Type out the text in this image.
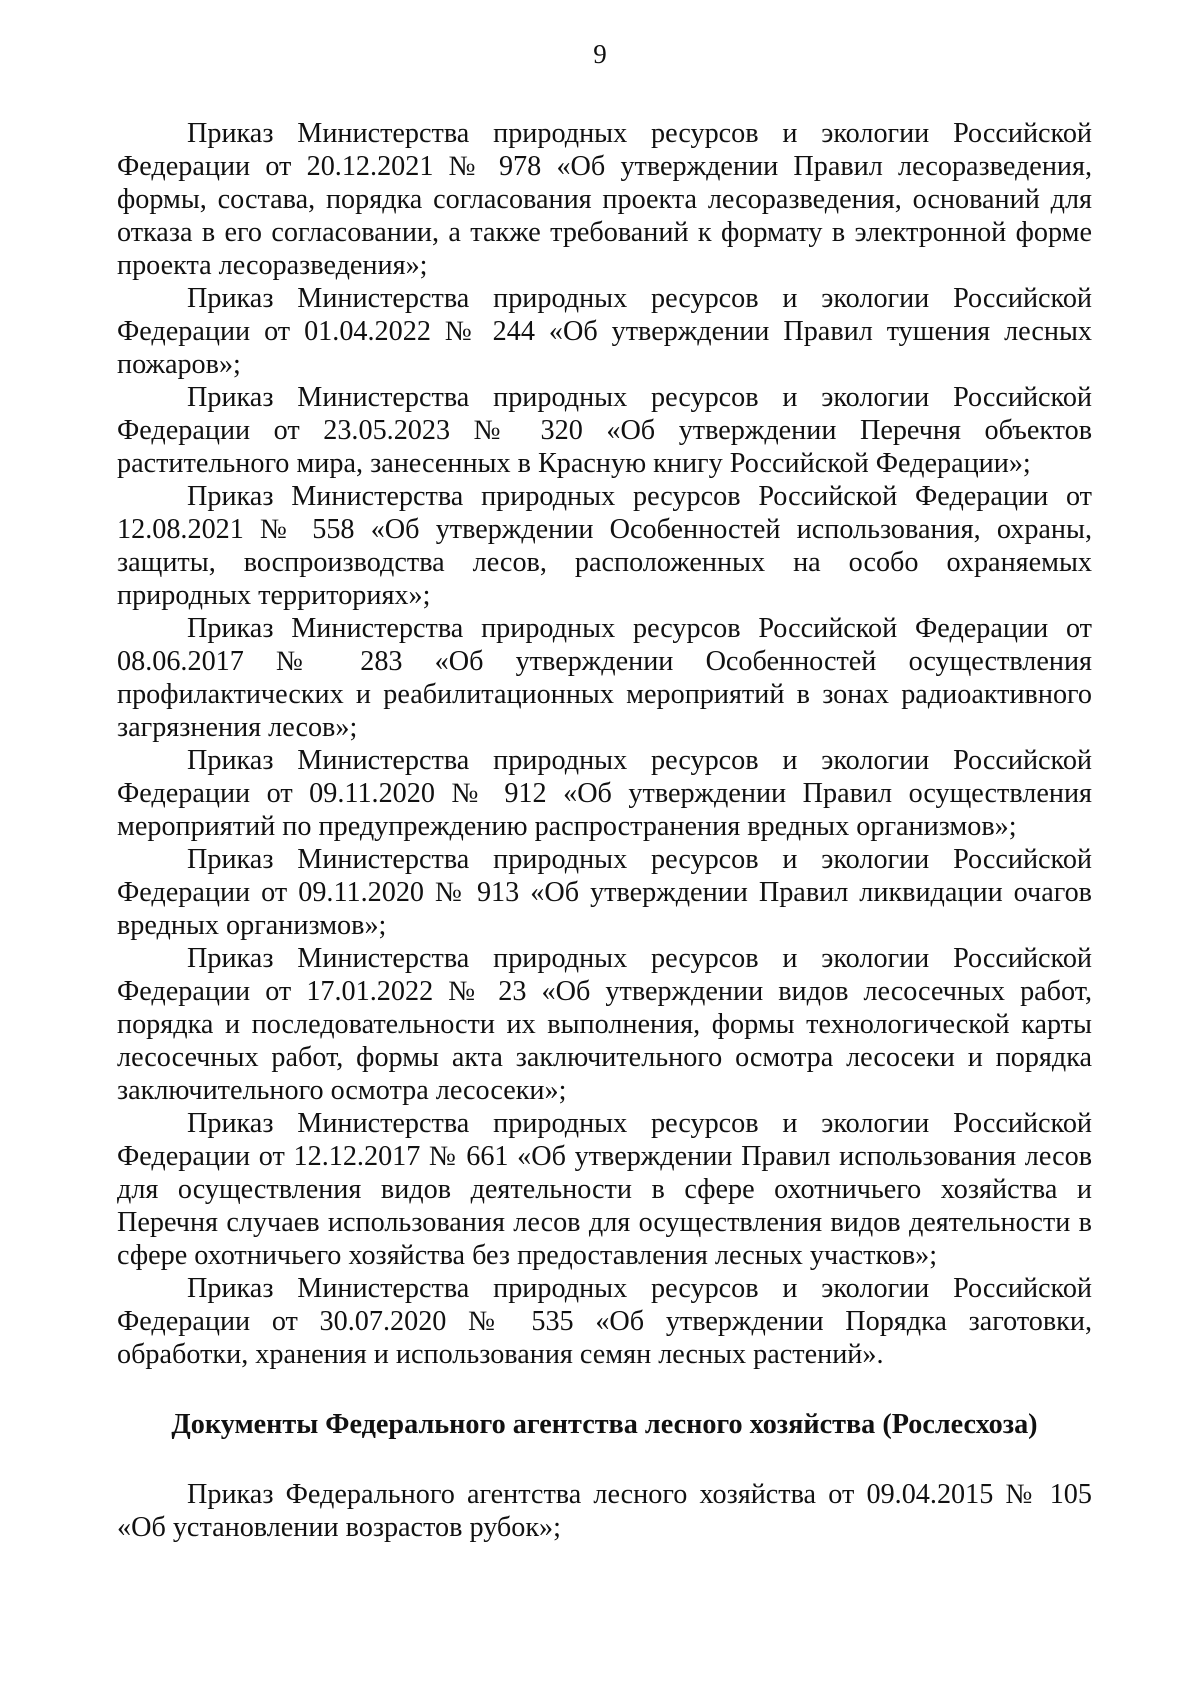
9

Приказ Министерства природных ресурсов и экологии Российской Федерации от 20.12.2021 № 978 «Об утверждении Правил лесоразведения, формы, состава, порядка согласования проекта лесоразведения, оснований для отказа в его согласовании, а также требований к формату в электронной форме проекта лесоразведения»;

Приказ Министерства природных ресурсов и экологии Российской Федерации от 01.04.2022 № 244 «Об утверждении Правил тушения лесных пожаров»;

Приказ Министерства природных ресурсов и экологии Российской Федерации от 23.05.2023 № 320 «Об утверждении Перечня объектов растительного мира, занесенных в Красную книгу Российской Федерации»;

Приказ Министерства природных ресурсов Российской Федерации от 12.08.2021 № 558 «Об утверждении Особенностей использования, охраны, защиты, воспроизводства лесов, расположенных на особо охраняемых природных территориях»;

Приказ Министерства природных ресурсов Российской Федерации от 08.06.2017 № 283 «Об утверждении Особенностей осуществления профилактических и реабилитационных мероприятий в зонах радиоактивного загрязнения лесов»;

Приказ Министерства природных ресурсов и экологии Российской Федерации от 09.11.2020 № 912 «Об утверждении Правил осуществления мероприятий по предупреждению распространения вредных организмов»;

Приказ Министерства природных ресурсов и экологии Российской Федерации от 09.11.2020 № 913 «Об утверждении Правил ликвидации очагов вредных организмов»;

Приказ Министерства природных ресурсов и экологии Российской Федерации от 17.01.2022 № 23 «Об утверждении видов лесосечных работ, порядка и последовательности их выполнения, формы технологической карты лесосечных работ, формы акта заключительного осмотра лесосеки и порядка заключительного осмотра лесосеки»;

Приказ Министерства природных ресурсов и экологии Российской Федерации от 12.12.2017 № 661 «Об утверждении Правил использования лесов для осуществления видов деятельности в сфере охотничьего хозяйства и Перечня случаев использования лесов для осуществления видов деятельности в сфере охотничьего хозяйства без предоставления лесных участков»;

Приказ Министерства природных ресурсов и экологии Российской Федерации от 30.07.2020 № 535 «Об утверждении Порядка заготовки, обработки, хранения и использования семян лесных растений».

Документы Федерального агентства лесного хозяйства (Рослесхоза)

Приказ Федерального агентства лесного хозяйства от 09.04.2015 № 105 «Об установлении возрастов рубок»;
